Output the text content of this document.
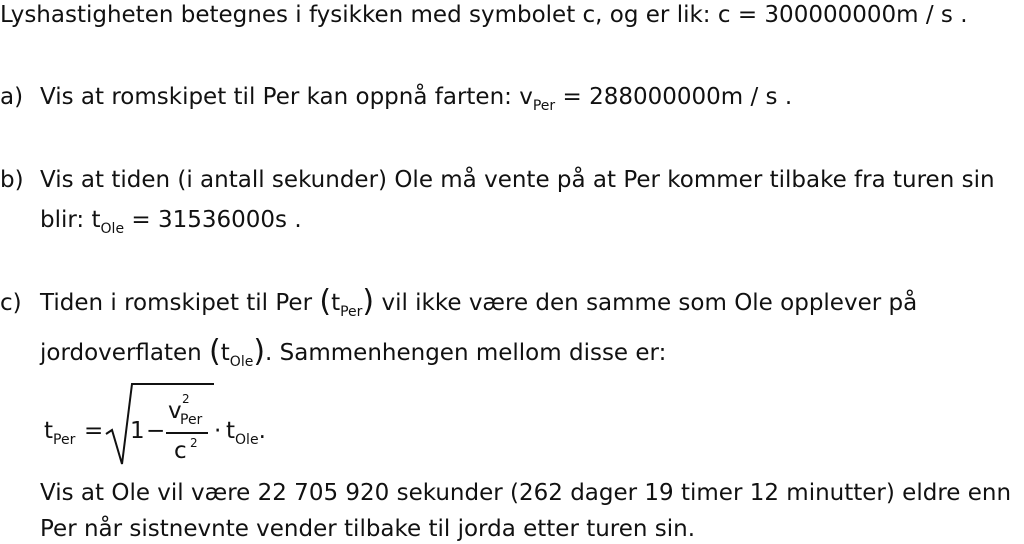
Lyshastigheten betegnes i fysikken med symbolet c, og er lik: c = 300000000m / s .
a) Vis at romskipet til Per kan oppnå farten: $v_{Per} = 288000000m / s$ .
b) Vis at tiden (i antall sekunder) Ole må vente på at Per kommer tilbake fra turen sin
blir: $t_{Ole} = 31536000s$ .
c) Tiden i romskipet til Per $(t_{Per})$ vil ikke være den samme som Ole opplever på
jordoverflaten $(t_{Ole})$. Sammenhengen mellom disse er:
$t_{Per} = 1$ −
v 2
Per
c $2 \cdot t_{Ole}$.
Vis at Ole vil være 22 705 920 sekunder (262 dager 19 timer 12 minutter) eldre enn
Per når sistnevnte vender tilbake til jorda etter turen sin.
